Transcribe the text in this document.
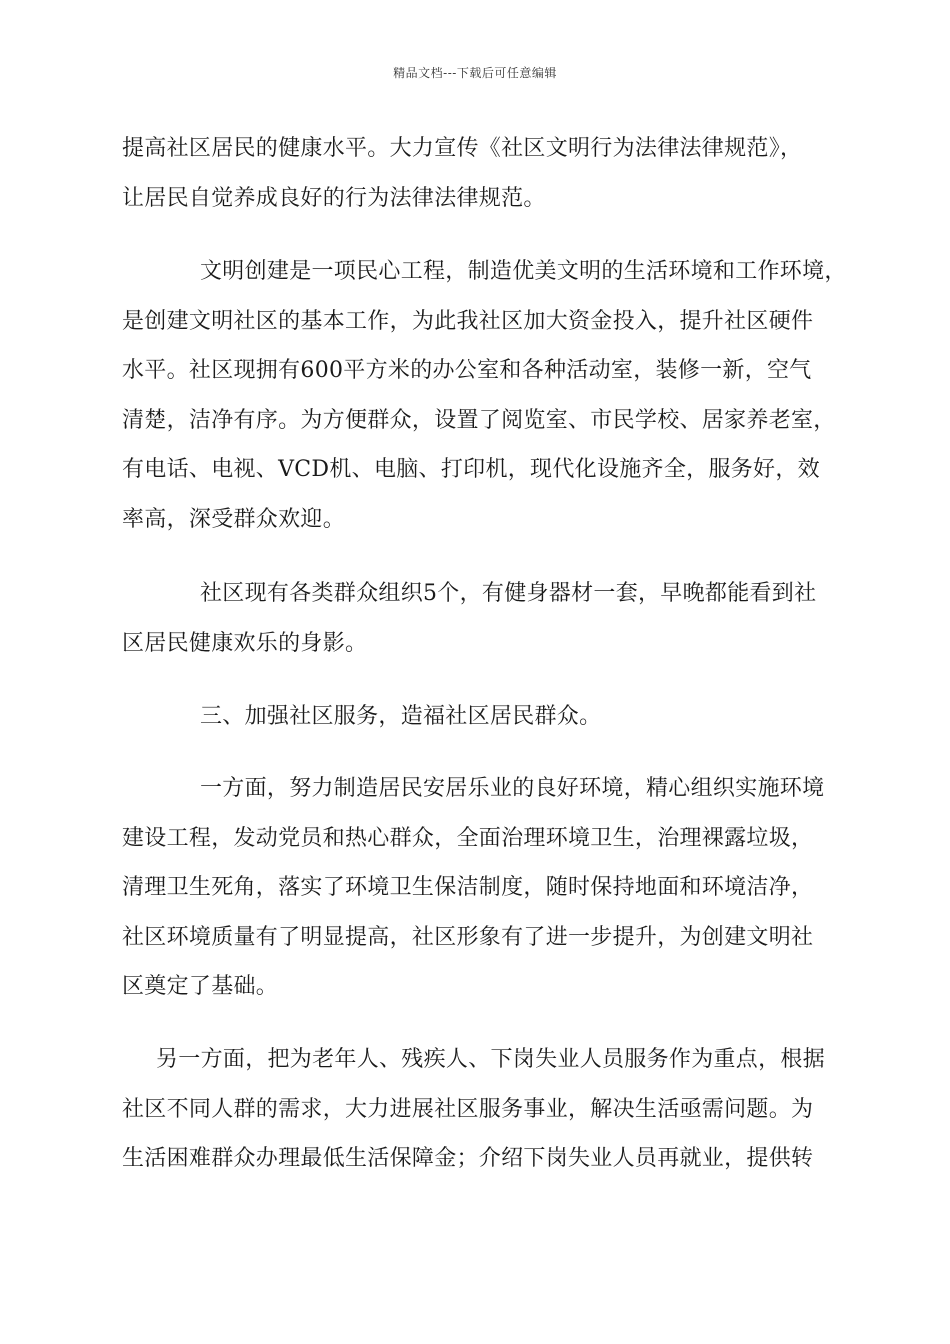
精品文档---下载后可任意编辑
提高社区居民的健康水平。大力宣传《社区文明行为法律法律规范》，
让居民自觉养成良好的行为法律法律规范。
文明创建是一项民心工程，制造优美文明的生活环境和工作环境，
是创建文明社区的基本工作，为此我社区加大资金投入，提升社区硬件
水平。社区现拥有600平方米的办公室和各种活动室，装修一新，空气
清楚，洁净有序。为方便群众，设置了阅览室、市民学校、居家养老室，
有电话、电视、VCD机、电脑、打印机，现代化设施齐全，服务好，效
率高，深受群众欢迎。
社区现有各类群众组织5个，有健身器材一套，早晚都能看到社
区居民健康欢乐的身影。
三、加强社区服务，造福社区居民群众。
一方面，努力制造居民安居乐业的良好环境，精心组织实施环境
建设工程，发动党员和热心群众，全面治理环境卫生，治理裸露垃圾，
清理卫生死角，落实了环境卫生保洁制度，随时保持地面和环境洁净，
社区环境质量有了明显提高，社区形象有了进一步提升，为创建文明社
区奠定了基础。
另一方面，把为老年人、残疾人、下岗失业人员服务作为重点，根据
社区不同人群的需求，大力进展社区服务事业，解决生活亟需问题。为
生活困难群众办理最低生活保障金；介绍下岗失业人员再就业，提供转
